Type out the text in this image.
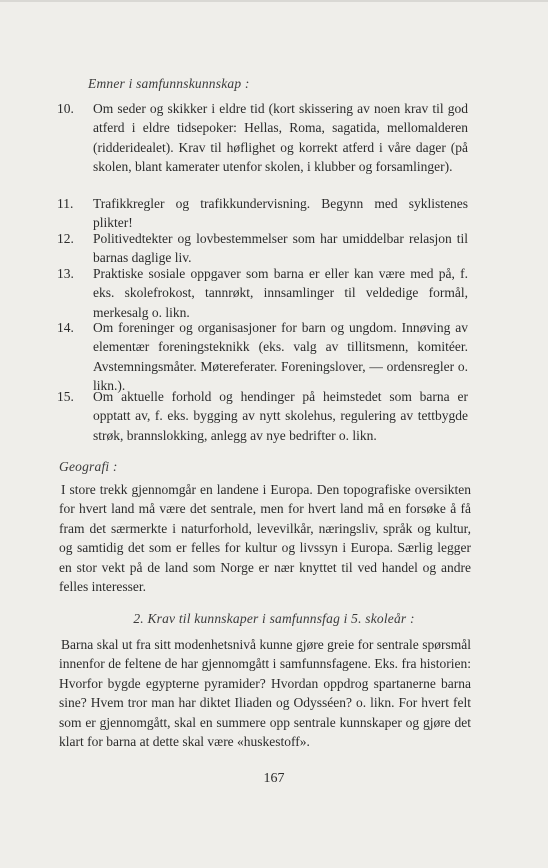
Emner i samfunnskunnskap :
10. Om seder og skikker i eldre tid (kort skissering av noen krav til god atferd i eldre tidsepoker: Hellas, Roma, sagatida, mellomalderen (ridderidealet). Krav til høflighet og korrekt atferd i våre dager (på skolen, blant kamerater utenfor skolen, i klubber og forsamlinger).
11. Trafikkregler og trafikkundervisning. Begynn med syklistenes plikter!
12. Politivedtekter og lovbestemmelser som har umiddelbar relasjon til barnas daglige liv.
13. Praktiske sosiale oppgaver som barna er eller kan være med på, f. eks. skolefrokost, tannrøkt, innsamlinger til veldedige formål, merkesalg o. likn.
14. Om foreninger og organisasjoner for barn og ungdom. Innøving av elementær foreningsteknikk (eks. valg av tillitsmenn, komitéer. Avstemningsmåter. Møtereferater. Foreningslover, — ordensregler o. likn.).
15. Om aktuelle forhold og hendinger på heimstedet som barna er opptatt av, f. eks. bygging av nytt skolehus, regulering av tettbygde strøk, brannslokking, anlegg av nye bedrifter o. likn.
Geografi :
I store trekk gjennomgår en landene i Europa. Den topografiske oversikten for hvert land må være det sentrale, men for hvert land må en forsøke å få fram det særmerkte i naturforhold, levevilkår, næringsliv, språk og kultur, og samtidig det som er felles for kultur og livssyn i Europa. Særlig legger en stor vekt på de land som Norge er nær knyttet til ved handel og andre felles interesser.
2. Krav til kunnskaper i samfunnsfag i 5. skoleår :
Barna skal ut fra sitt modenhetsnivå kunne gjøre greie for sentrale spørsmål innenfor de feltene de har gjennomgått i samfunnsfagene. Eks. fra historien: Hvorfor bygde egypterne pyramider? Hvordan oppdrog spartanerne barna sine? Hvem tror man har diktet Iliaden og Odysséen? o. likn. For hvert felt som er gjennomgått, skal en summere opp sentrale kunnskaper og gjøre det klart for barna at dette skal være «huskestoff».
167
